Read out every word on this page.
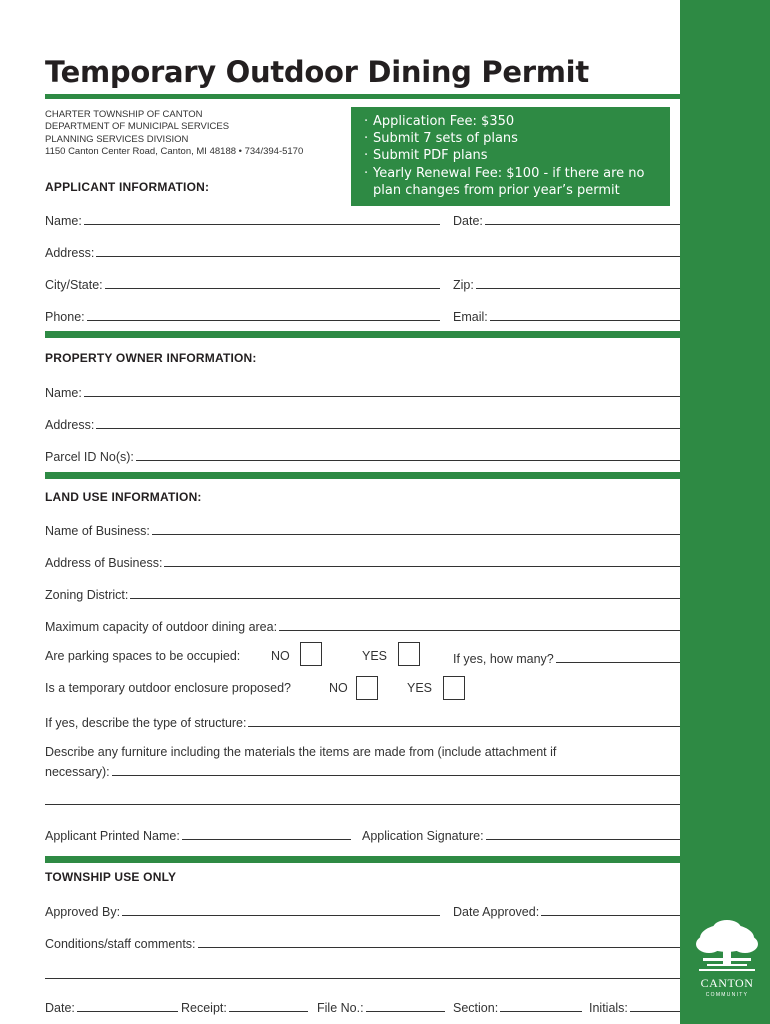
CANTON
COMMUNITY
Temporary Outdoor Dining Permit
CHARTER TOWNSHIP OF CANTON
DEPARTMENT OF MUNICIPAL SERVICES
PLANNING SERVICES DIVISION
1150 Canton Center Road, Canton, MI 48188 • 734/394-5170
· Application Fee: $350
· Submit 7 sets of plans
· Submit PDF plans
· Yearly Renewal Fee: $100 - if there are no
plan changes from prior year’s permit
APPLICANT INFORMATION:
Name:	Date:
Address:
City/State:	Zip:
Phone:	Email:
PROPERTY OWNER INFORMATION:
Name:
Address:
Parcel ID No(s):
LAND USE INFORMATION:
Name of Business:
Address of Business:
Zoning District:
Maximum capacity of outdoor dining area:
Are parking spaces to be occupied: NO	YES	If yes, how many?
Is a temporary outdoor enclosure proposed?	NO	YES
If yes, describe the type of structure:
Describe any furniture including the materials the items are made from (include attachment if
necessary):
Applicant Printed Name:	Application Signature:
TOWNSHIP USE ONLY
Approved By:	Date Approved:
Conditions/staff comments:
Date:	Receipt:	File No.:	Section:	Initials:
